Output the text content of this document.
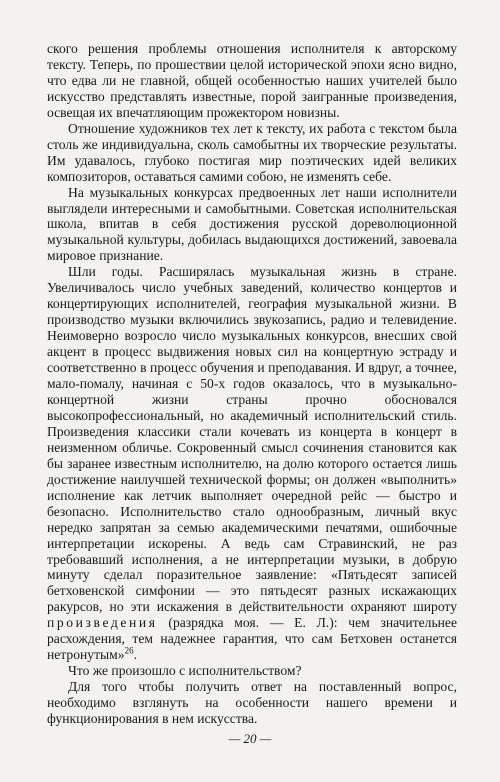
ского решения проблемы отношения исполнителя к авторскому тексту. Теперь, по прошествии целой исторической эпохи ясно видно, что едва ли не главной, общей особенностью наших учителей было искусство представлять известные, порой заигранные произведения, освещая их впечатляющим прожектором новизны.

Отношение художников тех лет к тексту, их работа с текстом была столь же индивидуальна, сколь самобытны их творческие результаты. Им удавалось, глубоко постигая мир поэтических идей великих композиторов, оставаться самими собою, не изменять себе.

На музыкальных конкурсах предвоенных лет наши исполнители выглядели интересными и самобытными. Советская исполнительская школа, впитав в себя достижения русской дореволюционной музыкальной культуры, добилась выдающихся достижений, завоевала мировое признание.

Шли годы. Расширялась музыкальная жизнь в стране. Увеличивалось число учебных заведений, количество концертов и концертирующих исполнителей, география музыкальной жизни. В производство музыки включились звукозапись, радио и телевидение. Неимоверно возросло число музыкальных конкурсов, внесших свой акцент в процесс выдвижения новых сил на концертную эстраду и соответственно в процесс обучения и преподавания. И вдруг, а точнее, мало-помалу, начиная с 50-х годов оказалось, что в музыкально-концертной жизни страны прочно обосновался высокопрофессиональный, но академичный исполнительский стиль. Произведения классики стали кочевать из концерта в концерт в неизменном обличье. Сокровенный смысл сочинения становится как бы заранее известным исполнителю, на долю которого остается лишь достижение наилучшей технической формы; он должен «выполнить» исполнение как летчик выполняет очередной рейс — быстро и безопасно. Исполнительство стало однообразным, личный вкус нередко запрятан за семью академическими печатями, ошибочные интерпретации искорены. А ведь сам Стравинский, не раз требовавший исполнения, а не интерпретации музыки, в добрую минуту сделал поразительное заявление: «Пятьдесят записей бетховенской симфонии — это пятьдесят разных искажающих ракурсов, но эти искажения в действительности охраняют широту произведения (разрядка моя. — Е. Л.): чем значительнее расхождения, тем надежнее гарантия, что сам Бетховен останется нетронутым»$^{26}$.

Что же произошло с исполнительством?

Для того чтобы получить ответ на поставленный вопрос, необходимо взглянуть на особенности нашего времени и функционирования в нем искусства.

— 20 —
